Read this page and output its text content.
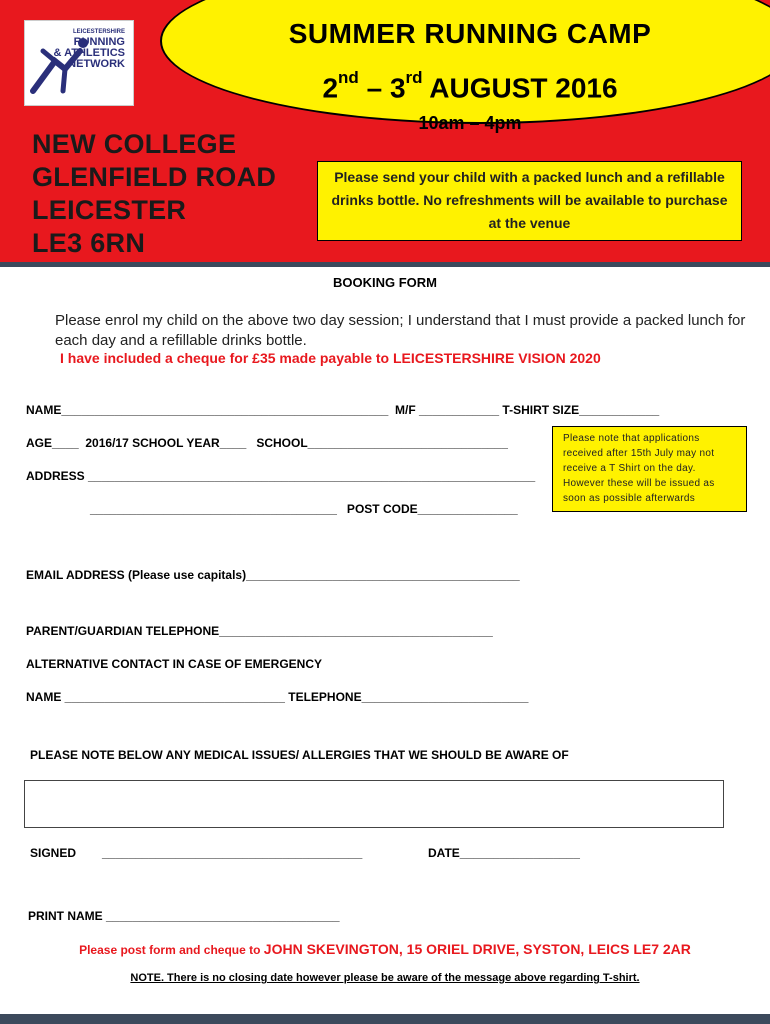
LEICESTERSHIRE
RUNNING
& ATHLETICS
NETWORK
SUMMER RUNNING CAMP
2nd – 3rd AUGUST 2016
10am – 4pm
NEW COLLEGE
GLENFIELD ROAD
LEICESTER
LE3 6RN
Please send your child with a packed lunch and a refillable drinks bottle. No refreshments will be available to purchase at the venue
BOOKING FORM
Please enrol my child on the above two day session; I understand that I must provide a packed lunch for each day and a refillable drinks bottle.
I have included a cheque for £35 made payable to LEICESTERSHIRE VISION 2020
NAME_________________________________________________  M/F ____________ T-SHIRT SIZE____________
AGE____  2016/17 SCHOOL YEAR____   SCHOOL______________________________
ADDRESS ___________________________________________________________________
_____________________________________   POST CODE_______________
Please note that applications received after 15th July may not receive a T Shirt on the day. However these will be issued as soon as possible afterwards
EMAIL ADDRESS (Please use capitals)_________________________________________
PARENT/GUARDIAN TELEPHONE_________________________________________
ALTERNATIVE CONTACT IN CASE OF EMERGENCY
NAME _________________________________ TELEPHONE_________________________
PLEASE NOTE BELOW ANY MEDICAL ISSUES/ ALLERGIES THAT WE SHOULD BE AWARE OF
SIGNED _______________________________________	DATE__________________
PRINT NAME ___________________________________
Please post form and cheque to JOHN SKEVINGTON, 15 ORIEL DRIVE, SYSTON, LEICS LE7 2AR
NOTE. There is no closing date however please be aware of the message above regarding T-shirt.
